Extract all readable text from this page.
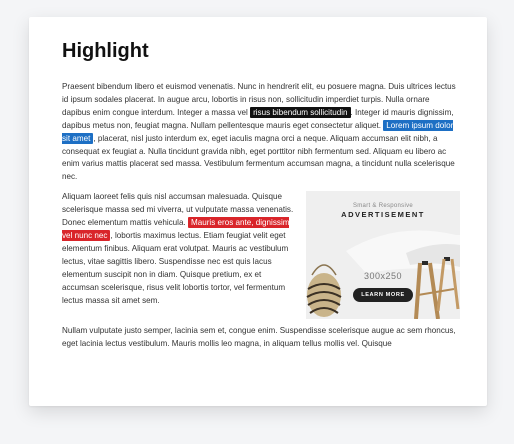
Highlight

Praesent bibendum libero et euismod venenatis. Nunc in hendrerit elit, eu posuere magna. Duis ultrices lectus id ipsum sodales placerat. In augue arcu, lobortis in risus non, sollicitudin imperdiet turpis. Nulla ornare dapibus enim congue interdum. Integer a massa vel risus bibendum sollicitudin . Integer id mauris dignissim, dapibus metus non, feugiat magna. Nullam pellentesque mauris eget consectetur aliquet. Lorem ipsum dolor sit amet , placerat, nisl justo interdum ex, eget iaculis magna orci a neque. Aliquam accumsan elit nibh, a consequat ex feugiat a. Nulla tincidunt gravida nibh, eget porttitor nibh fermentum sed. Aliquam eu libero ac enim varius mattis placerat sed massa. Vestibulum fermentum accumsan magna, a tincidunt nulla scelerisque nec.

Smart & Responsive
ADVERTISEMENT
300x250
LEARN MORE

Aliquam laoreet felis quis nisl accumsan malesuada. Quisque scelerisque massa sed mi viverra, ut vulputate massa venenatis. Donec elementum mattis vehicula. Mauris eros ante, dignissim vel nunc nec , lobortis maximus lectus. Etiam feugiat velit eget elementum finibus. Aliquam erat volutpat. Mauris ac vestibulum lectus, vitae sagittis libero. Suspendisse nec est quis lacus elementum suscipit non in diam. Quisque pretium, ex et accumsan scelerisque, risus velit lobortis tortor, vel fermentum lectus massa sit amet sem.

Nullam vulputate justo semper, lacinia sem et, congue enim. Suspendisse scelerisque augue ac sem rhoncus, eget lacinia lectus vestibulum. Mauris mollis leo magna, in aliquam tellus mollis vel. Quisque
